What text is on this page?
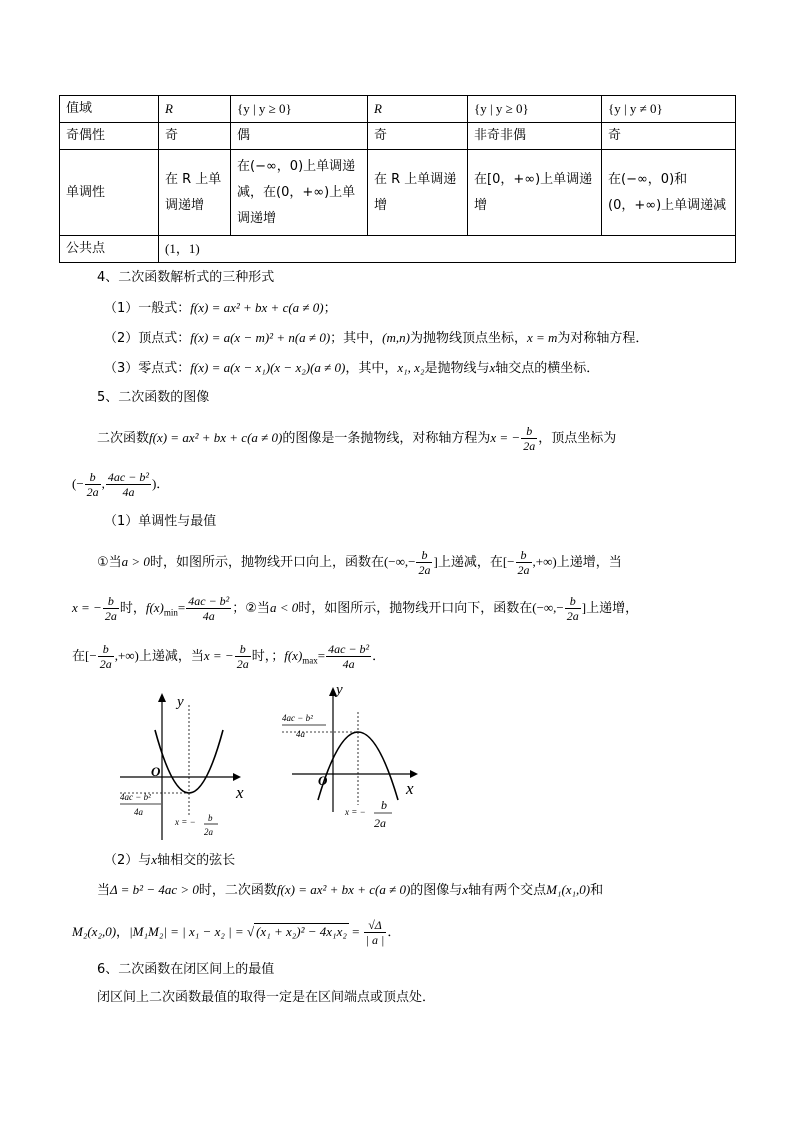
值域	R	{y | y ≥ 0}	R	{y | y ≥ 0}	{y | y ≠ 0}
奇偶性	奇	偶	奇	非奇非偶	奇
单调性	在 R 上单调递增	在(−∞，0)上单调递减，在(0，+∞)上单调递增	在 R 上单调递增	在[0，+∞)上单调递增	在(−∞，0)和(0，+∞)上单调递减
公共点	(1，1)				
4、二次函数解析式的三种形式
（1）一般式：f(x) = ax² + bx + c(a ≠ 0)；
（2）顶点式：f(x) = a(x − m)² + n(a ≠ 0)；其中，(m,n)为抛物线顶点坐标，x = m为对称轴方程．
（3）零点式：f(x) = a(x − x₁)(x − x₂)(a ≠ 0)，其中，x₁, x₂是抛物线与x轴交点的横坐标．
5、二次函数的图像
二次函数f(x) = ax² + bx + c(a ≠ 0)的图像是一条抛物线，对称轴方程为x = − $\frac{b}{2a}$ ，顶点坐标为
(− $\frac{b}{2a}$ , $\frac{\text{4ac − b²}}{4a}$ )．
（1）单调性与最值
①当a > 0时，如图所示，抛物线开口向上，函数在(−∞,− $\frac{b}{2a}$ ]上递减，在[− $\frac{b}{2a}$ ,+∞)上递增，当
x = − $\frac{b}{2a}$ 时，$f(x)_{min}= \frac{\text{4ac − b²}}{4a}$ ；②当a < 0时，如图所示，抛物线开口向下，函数在(−∞,− $\frac{b}{2a}$ ]上递增，
在[− $\frac{b}{2a}$ ,+∞)上递减，当x = − $\frac{b}{2a}$ 时，；$f(x)_{max}= \frac{\text{4ac − b²}}{4a}$ ．
y
x
O
4ac − b²
4a
x = − b
2a
y
x
O
4ac − b²
4a
x = − b
2a
（2）与x轴相交的弦长
当Δ = b² − 4ac > 0时，二次函数f(x) = ax² + bx + c(a ≠ 0)的图像与x轴有两个交点M₁(x₁,0)和
M₂(x₂,0)，|M₁M₂| = | x₁ − x₂ | = √ $(x_1 + x_2)^2 - 4x_1x_2 = \frac{√\Delta}{| a |}$ ．
6、二次函数在闭区间上的最值
闭区间上二次函数最值的取得一定是在区间端点或顶点处．
